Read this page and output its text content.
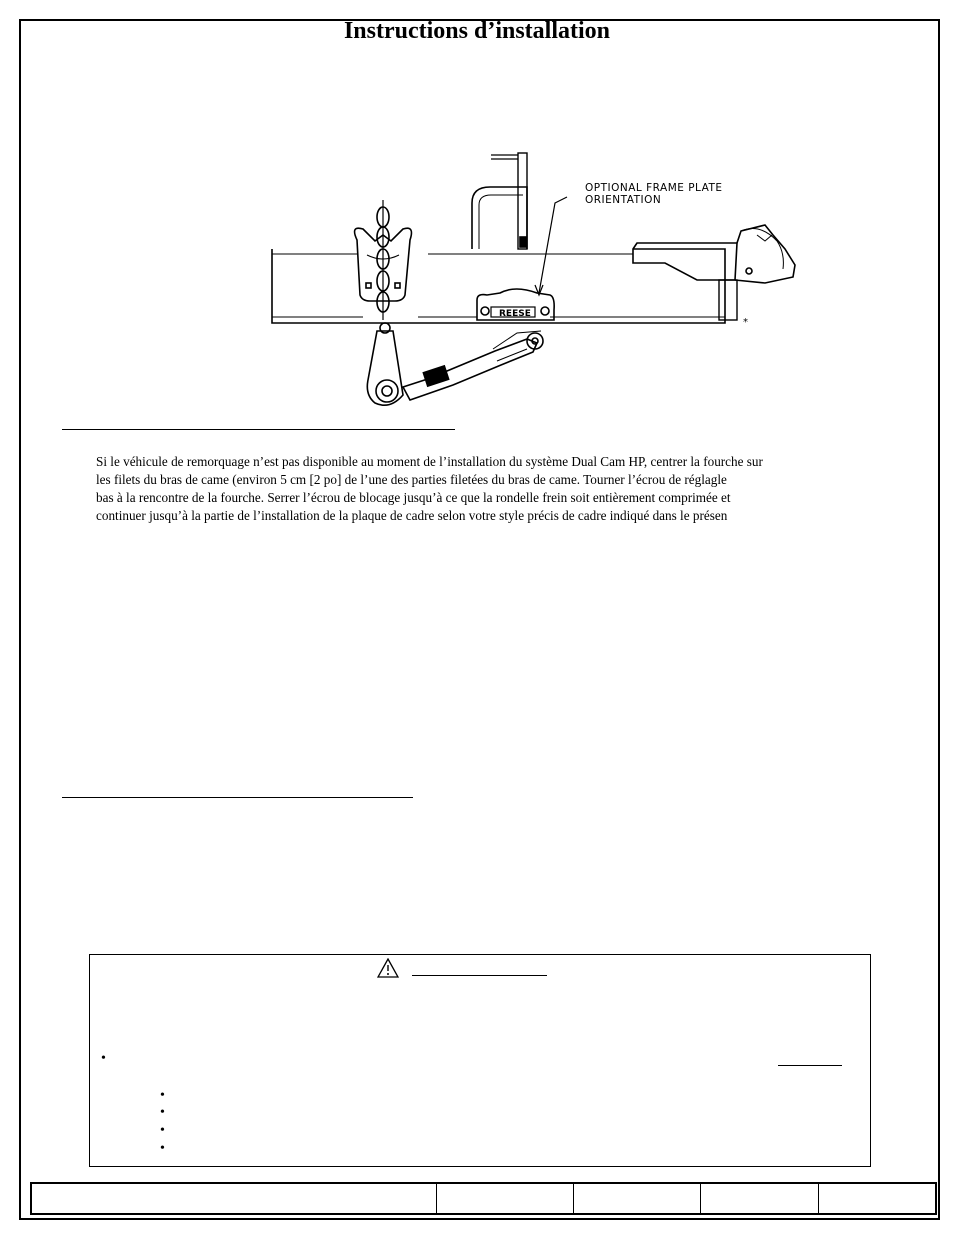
Instructions d’installation
OPTIONAL FRAME PLATE
ORIENTATION
REESE
*
Si le véhicule de remorquage n’est pas disponible au moment de l’installation du système Dual Cam HP, centrer la fourche sur
les filets du bras de came (environ 5 cm [2 po] de l’une des parties filetées du bras de came. Tourner l’écrou de réglagle
bas à la rencontre de la fourche. Serrer l’écrou de blocage jusqu’à ce que la rondelle frein soit entièrement comprimée et
continuer jusqu’à la partie de l’installation de la plaque de cadre selon votre style précis de cadre indiqué dans le présen
•
•
•
•
•
